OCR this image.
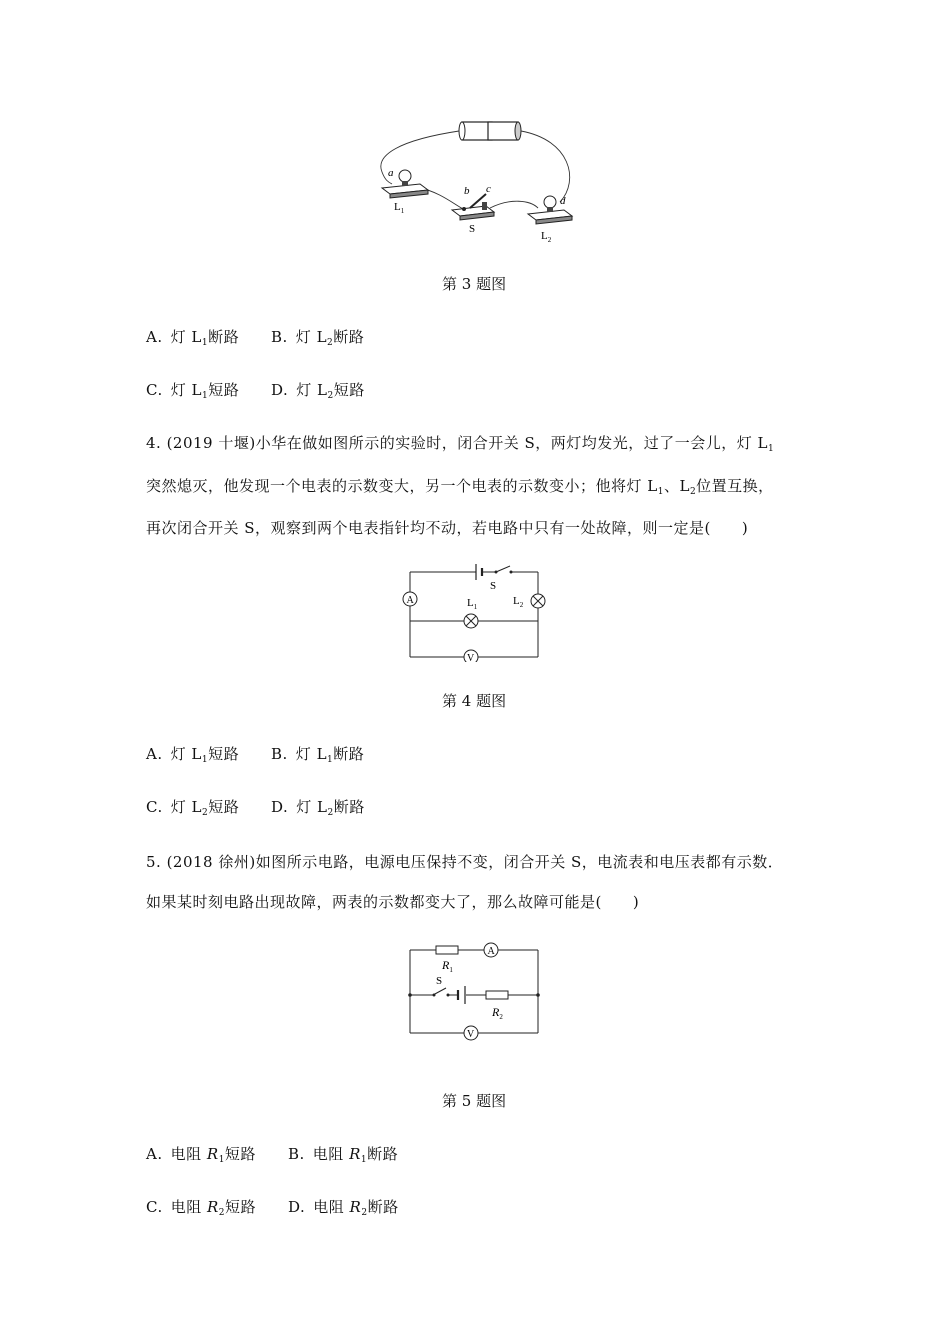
a
b c
d
$L_1$
S
$L_2$
第 3 题图
A.  灯 $L_1$断路 B.  灯 $L_2$断路
C.  灯 $L_1$短路 D.  灯 $L_2$短路
4. (2019 十堰)小华在做如图所示的实验时，闭合开关 S，两灯均发光，过了一会儿，灯 $L_1$
突然熄灭，他发现一个电表的示数变大，另一个电表的示数变小；他将灯 $L_1$、$L_2$位置互换，
再次闭合开关 S，观察到两个电表指针均不动，若电路中只有一处故障，则一定是(　　)
A
V
S
$L_1$	$L_2$
第 4 题图
A.  灯 $L_1$短路 B.  灯 $L_1$断路
C.  灯 $L_2$短路 D.  灯 $L_2$断路
5. (2018 徐州)如图所示电路，电源电压保持不变，闭合开关 S，电流表和电压表都有示数．
如果某时刻电路出现故障，两表的示数都变大了，那么故障可能是(　　)
A
V
$R_1$
S
$R_2$
第 5 题图
A.  电阻 $R_1$短路 B.  电阻 $R_1$断路
C.  电阻 $R_2$短路 D.  电阻 $R_2$断路
